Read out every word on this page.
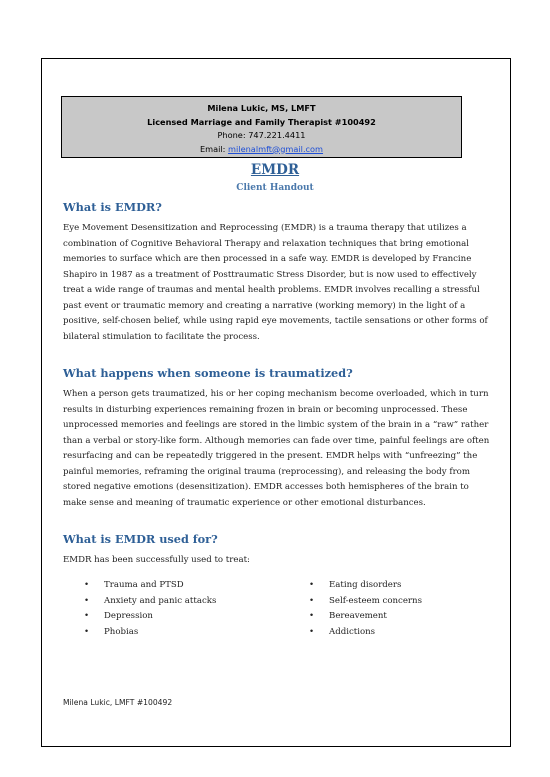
Milena Lukic, MS, LMFT
Licensed Marriage and Family Therapist #100492
Phone: 747.221.4411
Email: milenalmft@gmail.com
EMDR
Client Handout
What is EMDR?
Eye Movement Desensitization and Reprocessing (EMDR) is a trauma therapy that utilizes a combination of Cognitive Behavioral Therapy and relaxation techniques that bring emotional memories to surface which are then processed in a safe way. EMDR is developed by Francine Shapiro in 1987 as a treatment of Posttraumatic Stress Disorder, but is now used to effectively treat a wide range of traumas and mental health problems. EMDR involves recalling a stressful past event or traumatic memory and creating a narrative (working memory) in the light of a positive, self-chosen belief, while using rapid eye movements, tactile sensations or other forms of bilateral stimulation to facilitate the process.
What happens when someone is traumatized?
When a person gets traumatized, his or her coping mechanism become overloaded, which in turn results in disturbing experiences remaining frozen in brain or becoming unprocessed. These unprocessed memories and feelings are stored in the limbic system of the brain in a “raw” rather than a verbal or story-like form. Although memories can fade over time, painful feelings are often resurfacing and can be repeatedly triggered in the present. EMDR helps with “unfreezing” the painful memories, reframing the original trauma (reprocessing), and releasing the body from stored negative emotions (desensitization). EMDR accesses both hemispheres of the brain to make sense and meaning of traumatic experience or other emotional disturbances.
What is EMDR used for?
EMDR has been successfully used to treat:
• Trauma and PTSD
• Anxiety and panic attacks
• Depression
• Phobias
• Eating disorders
• Self-esteem concerns
• Bereavement
• Addictions
Milena Lukic, LMFT #100492
